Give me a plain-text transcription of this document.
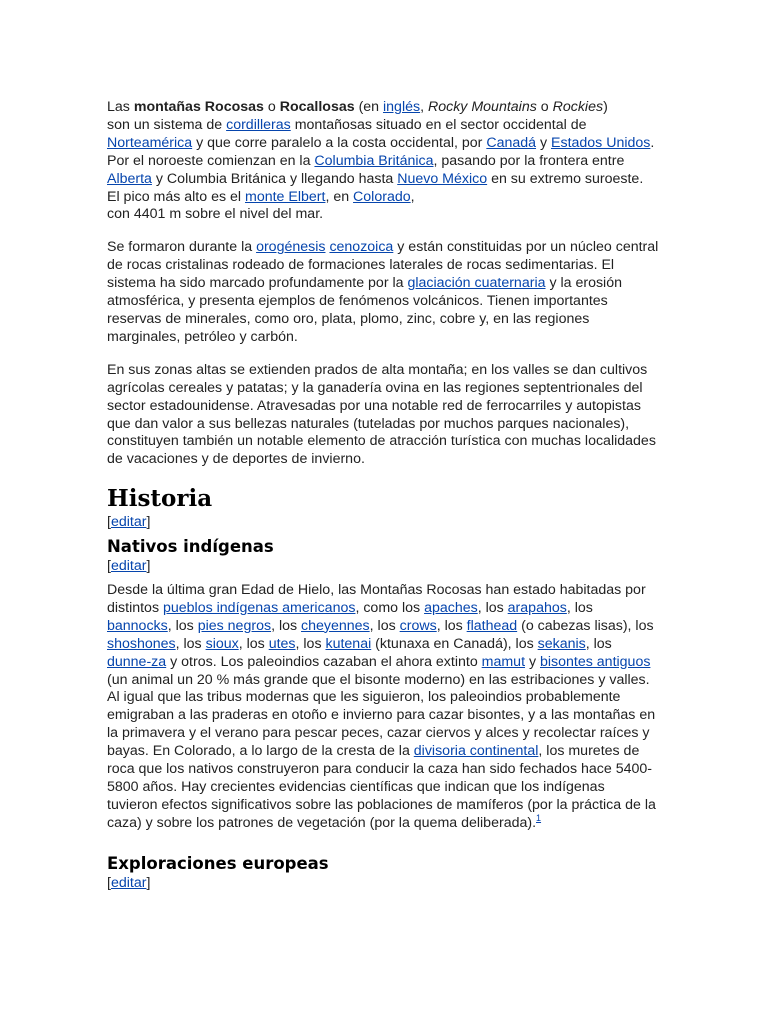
Las montañas Rocosas o Rocallosas (en inglés, Rocky Mountains o Rockies)
son un sistema de cordilleras montañosas situado en el sector occidental de Norteamérica y que corre paralelo a la costa occidental, por Canadá y Estados Unidos. Por el noroeste comienzan en la Columbia Británica, pasando por la frontera entre Alberta y Columbia Británica y llegando hasta Nuevo México en su extremo suroeste. El pico más alto es el monte Elbert, en Colorado,
con 4401 m sobre el nivel del mar.

Se formaron durante la orogénesis cenozoica y están constituidas por un núcleo central de rocas cristalinas rodeado de formaciones laterales de rocas sedimentarias. El sistema ha sido marcado profundamente por la glaciación cuaternaria y la erosión atmosférica, y presenta ejemplos de fenómenos volcánicos. Tienen importantes reservas de minerales, como oro, plata, plomo, zinc, cobre y, en las regiones marginales, petróleo y carbón.

En sus zonas altas se extienden prados de alta montaña; en los valles se dan cultivos agrícolas cereales y patatas; y la ganadería ovina en las regiones septentrionales del sector estadounidense. Atravesadas por una notable red de ferrocarriles y autopistas que dan valor a sus bellezas naturales (tuteladas por muchos parques nacionales), constituyen también un notable elemento de atracción turística con muchas localidades de vacaciones y de deportes de invierno.

Historia
[editar]
Nativos indígenas
[editar]

Desde la última gran Edad de Hielo, las Montañas Rocosas han estado habitadas por distintos pueblos indígenas americanos, como los apaches, los arapahos, los bannocks, los pies negros, los cheyennes, los crows, los flathead (o cabezas lisas), los shoshones, los sioux, los utes, los kutenai (ktunaxa en Canadá), los sekanis, los dunne-za y otros. Los paleoindios cazaban el ahora extinto mamut y bisontes antiguos (un animal un 20 % más grande que el bisonte moderno) en las estribaciones y valles. Al igual que las tribus modernas que les siguieron, los paleoindios probablemente emigraban a las praderas en otoño e invierno para cazar bisontes, y a las montañas en la primavera y el verano para pescar peces, cazar ciervos y alces y recolectar raíces y bayas. En Colorado, a lo largo de la cresta de la divisoria continental, los muretes de roca que los nativos construyeron para conducir la caza han sido fechados hace 5400-5800 años. Hay crecientes evidencias científicas que indican que los indígenas tuvieron efectos significativos sobre las poblaciones de mamíferos (por la práctica de la caza) y sobre los patrones de vegetación (por la quema deliberada).$^1$

Exploraciones europeas
[editar]
